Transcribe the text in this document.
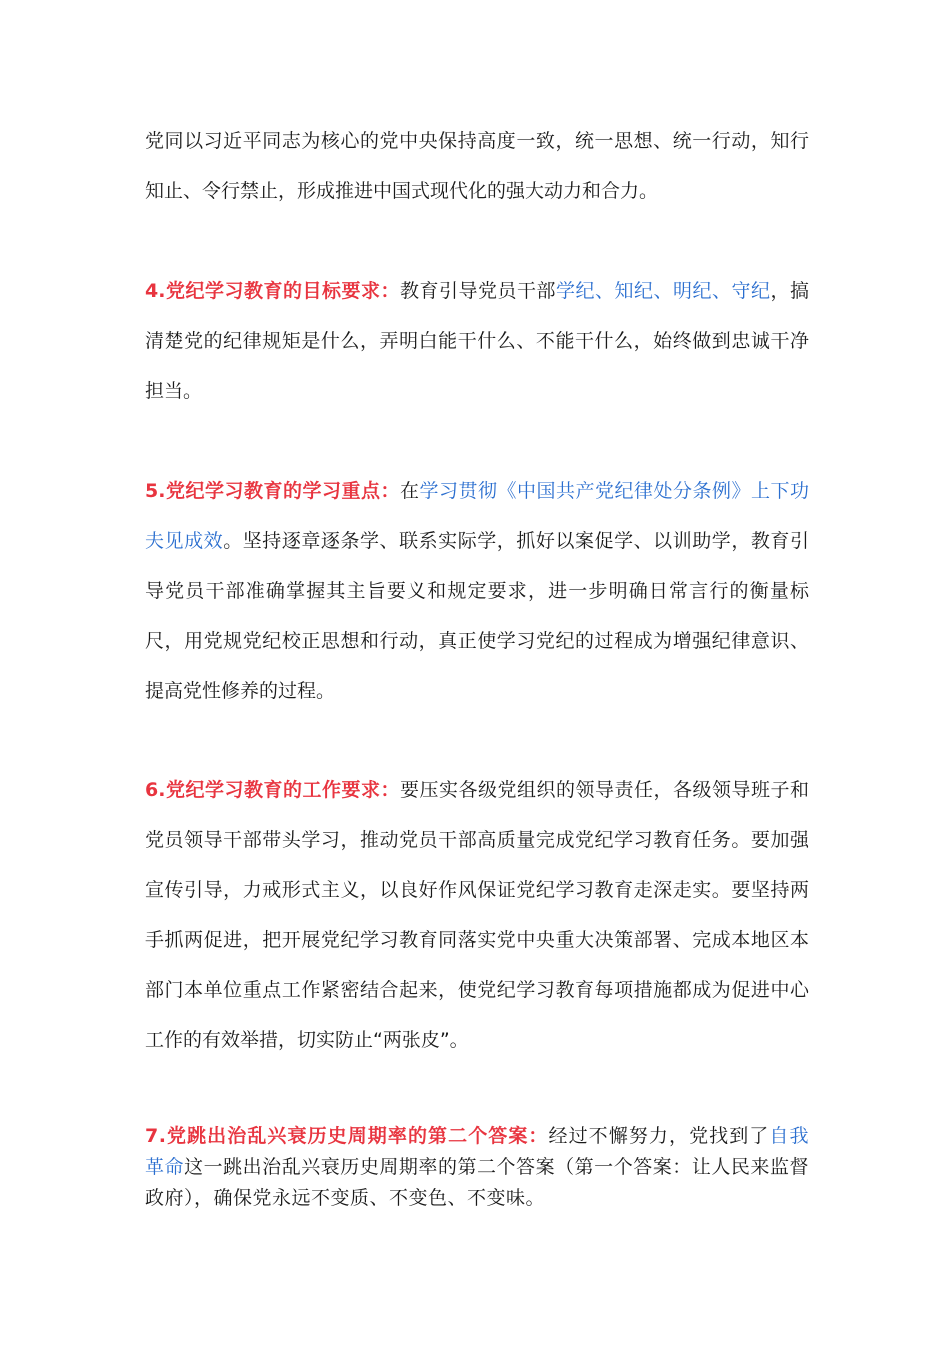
党同以习近平同志为核心的党中央保持高度一致，统一思想、统一行动，知行知止、令行禁止，形成推进中国式现代化的强大动力和合力。

4.党纪学习教育的目标要求：教育引导党员干部学纪、知纪、明纪、守纪，搞清楚党的纪律规矩是什么，弄明白能干什么、不能干什么，始终做到忠诚干净担当。

5.党纪学习教育的学习重点：在学习贯彻《中国共产党纪律处分条例》上下功夫见成效。坚持逐章逐条学、联系实际学，抓好以案促学、以训助学，教育引导党员干部准确掌握其主旨要义和规定要求，进一步明确日常言行的衡量标尺，用党规党纪校正思想和行动，真正使学习党纪的过程成为增强纪律意识、提高党性修养的过程。

6.党纪学习教育的工作要求：要压实各级党组织的领导责任，各级领导班子和党员领导干部带头学习，推动党员干部高质量完成党纪学习教育任务。要加强宣传引导，力戒形式主义，以良好作风保证党纪学习教育走深走实。要坚持两手抓两促进，把开展党纪学习教育同落实党中央重大决策部署、完成本地区本部门本单位重点工作紧密结合起来，使党纪学习教育每项措施都成为促进中心工作的有效举措，切实防止“两张皮”。

7.党跳出治乱兴衰历史周期率的第二个答案：经过不懈努力，党找到了自我革命这一跳出治乱兴衰历史周期率的第二个答案（第一个答案：让人民来监督政府），确保党永远不变质、不变色、不变味。
